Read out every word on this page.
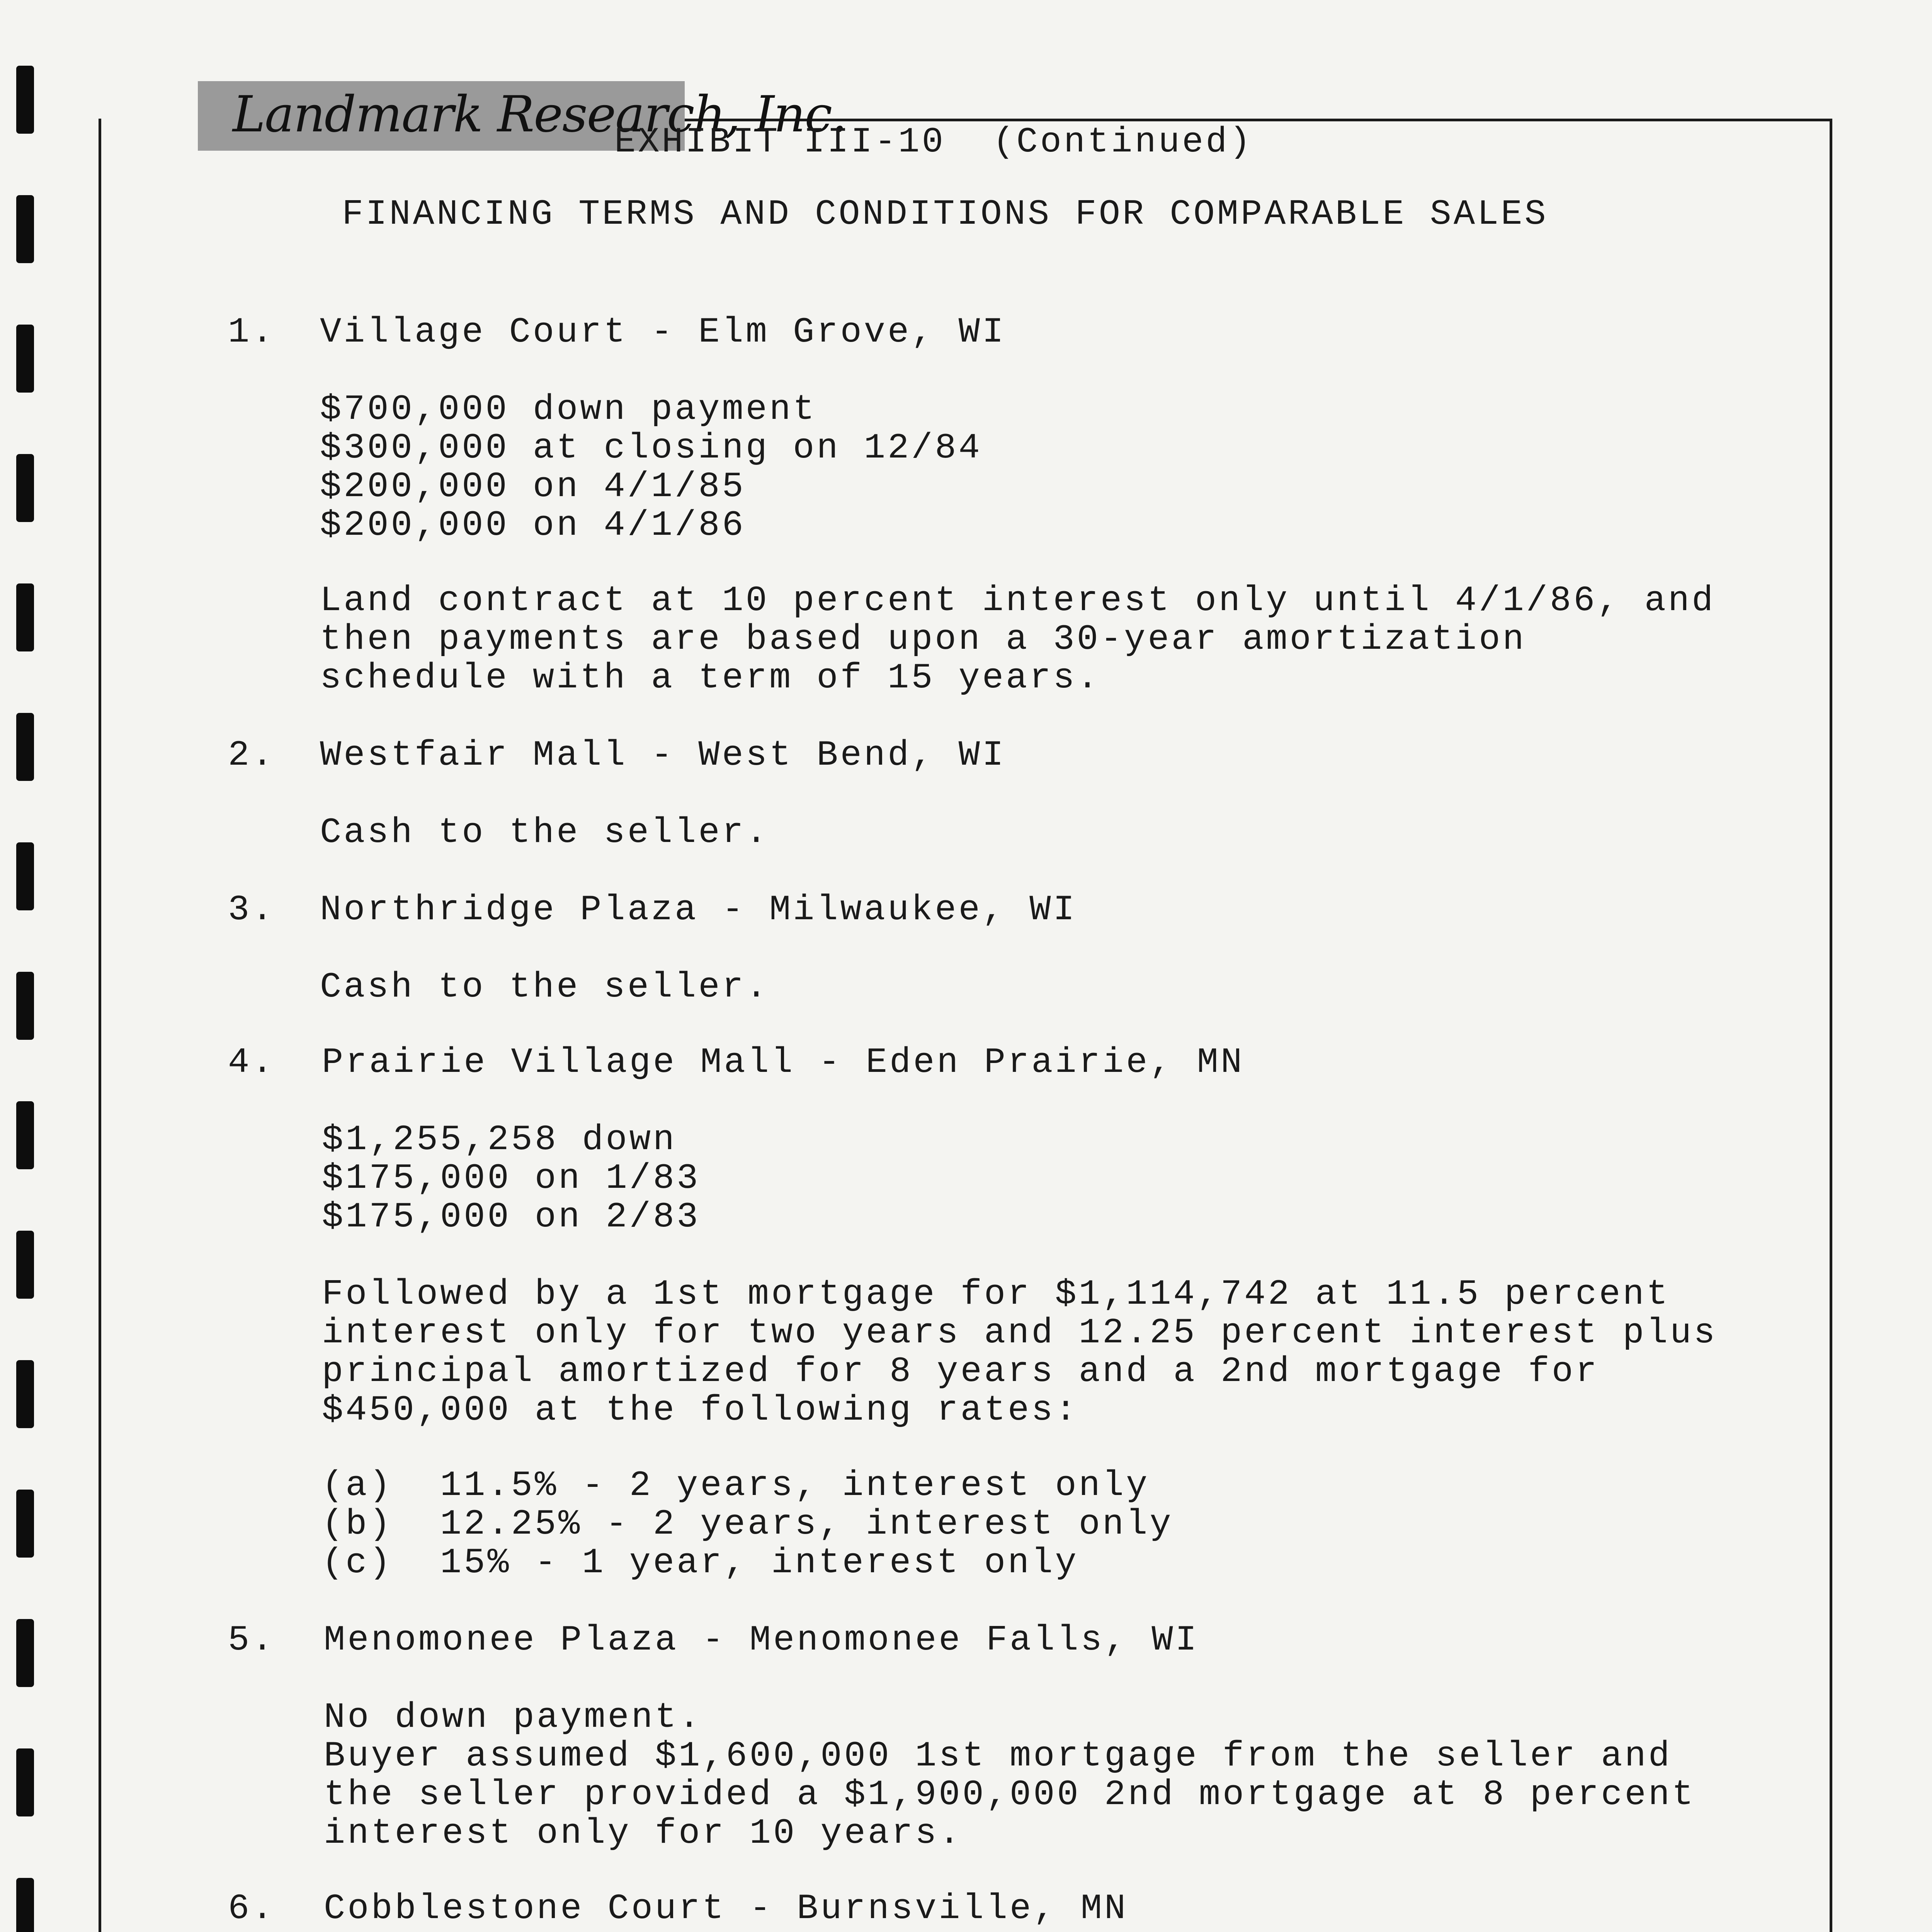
Landmark Research, Inc.
EXHIBIT III-10  (Continued)
FINANCING TERMS AND CONDITIONS FOR COMPARABLE SALES
1. Village Court - Elm Grove, WI
$700,000 down payment
$300,000 at closing on 12/84
$200,000 on 4/1/85
$200,000 on 4/1/86
Land contract at 10 percent interest only until 4/1/86, and
then payments are based upon a 30-year amortization
schedule with a term of 15 years.
2. Westfair Mall - West Bend, WI
Cash to the seller.
3. Northridge Plaza - Milwaukee, WI
Cash to the seller.
4. Prairie Village Mall - Eden Prairie, MN
$1,255,258 down
$175,000 on 1/83
$175,000 on 2/83
Followed by a 1st mortgage for $1,114,742 at 11.5 percent
interest only for two years and 12.25 percent interest plus
principal amortized for 8 years and a 2nd mortgage for
$450,000 at the following rates:
(a)  11.5% - 2 years, interest only
(b)  12.25% - 2 years, interest only
(c)  15% - 1 year, interest only
5. Menomonee Plaza - Menomonee Falls, WI
No down payment.
Buyer assumed $1,600,000 1st mortgage from the seller and
the seller provided a $1,900,000 2nd mortgage at 8 percent
interest only for 10 years.
6. Cobblestone Court - Burnsville, MN
